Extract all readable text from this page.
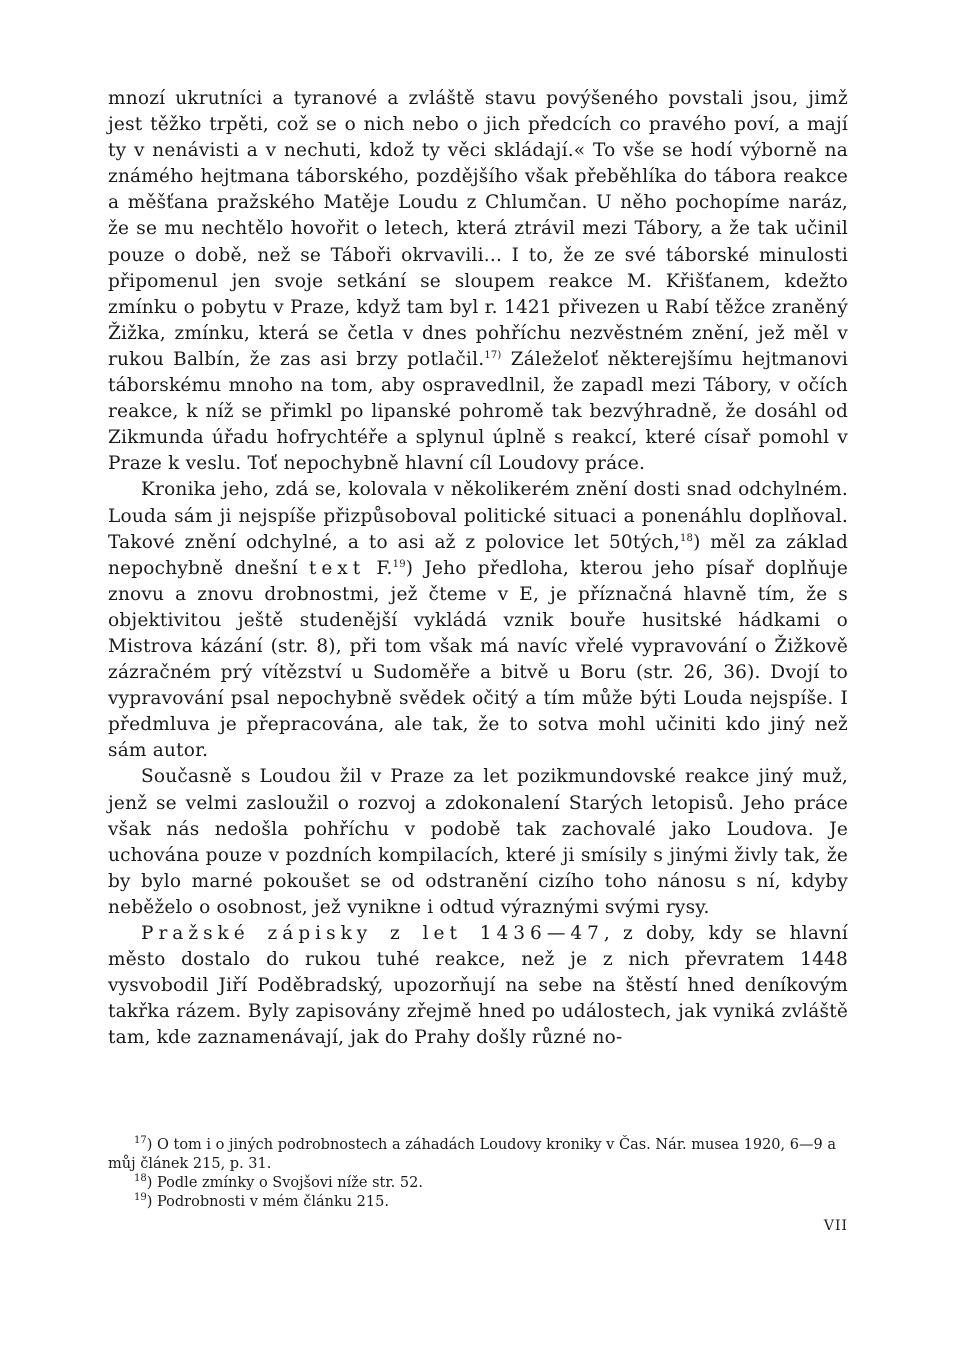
mnozí ukrutníci a tyranové a zvláště stavu povýšeného povstali jsou, jimž jest těžko trpěti, což se o nich nebo o jich předcích co pravého poví, a mají ty v nenávisti a v nechuti, kdož ty věci skládají.« To vše se hodí výborně na známého hejtmana táborského, pozdějšího však přeběhlíka do tábora reakce a měšťana pražského Matěje Loudu z Chlumčan. U něho pochopíme naráz, že se mu nechtělo hovořit o letech, která ztrávil mezi Tábory, a že tak učinil pouze o době, než se Táboři okrvavili... I to, že ze své táborské minulosti připomenul jen svoje setkání se sloupem reakce M. Křišťanem, kdežto zmínku o pobytu v Praze, když tam byl r. 1421 přivezen u Rabí těžce zraněný Žižka, zmínku, která se četla v dnes pohříchu nezvěstném znění, jež měl v rukou Balbín, že zas asi brzy potlačil.$^{17)}$ Záleželoť některejšímu hejtmanovi táborskému mnoho na tom, aby ospravedlnil, že zapadl mezi Tábory, v očích reakce, k níž se přimkl po lipanské pohromě tak bezvýhradně, že dosáhl od Zikmunda úřadu hofrychtéře a splynul úplně s reakcí, které císař pomohl v Praze k veslu. Toť nepochybně hlavní cíl Loudovy práce.

Kronika jeho, zdá se, kolovala v několikerém znění dosti snad odchylném. Louda sám ji nejspíše přizpůsoboval politické situaci a ponenáhlu doplňoval. Takové znění odchylné, a to asi až z polovice let 50tých,$^{18}$) měl za základ nepochybně dnešní text F.$^{19}$) Jeho předloha, kterou jeho písař doplňuje znovu a znovu drobnostmi, jež čteme v E, je příznačná hlavně tím, že s objektivitou ještě studenější vykládá vznik bouře husitské hádkami o Mistrova kázání (str. 8), při tom však má navíc vřelé vypravování o Žižkově zázračném prý vítězství u Sudoměře a bitvě u Boru (str. 26, 36). Dvojí to vypravování psal nepochybně svědek očitý a tím může býti Louda nejspíše. I předmluva je přepracována, ale tak, že to sotva mohl učiniti kdo jiný než sám autor.

Současně s Loudou žil v Praze za let pozikmundovské reakce jiný muž, jenž se velmi zasloužil o rozvoj a zdokonalení Starých letopisů. Jeho práce však nás nedošla pohříchu v podobě tak zachovalé jako Loudova. Je uchována pouze v pozdních kompilacích, které ji smísily s jinými živly tak, že by bylo marné pokoušet se od odstranění cizího toho nánosu s ní, kdyby neběželo o osobnost, jež vynikne i odtud výraznými svými rysy.

Pražské zápisky z let 1436—47, z doby, kdy se hlavní město dostalo do rukou tuhé reakce, než je z nich převratem 1448 vysvobodil Jiří Poděbradský, upozorňují na sebe na štěstí hned deníkovým takřka rázem. Byly zapisovány zřejmě hned po událostech, jak vyniká zvláště tam, kde zaznamenávají, jak do Prahy došly různé no-

$^{17}$) O tom i o jiných podrobnostech a záhadách Loudovy kroniky v Čas. Nár. musea 1920, 6—9 a můj článek 215, p. 31.

$^{18}$) Podle zmínky o Svojšovi níže str. 52.

$^{19}$) Podrobnosti v mém článku 215.

VII
